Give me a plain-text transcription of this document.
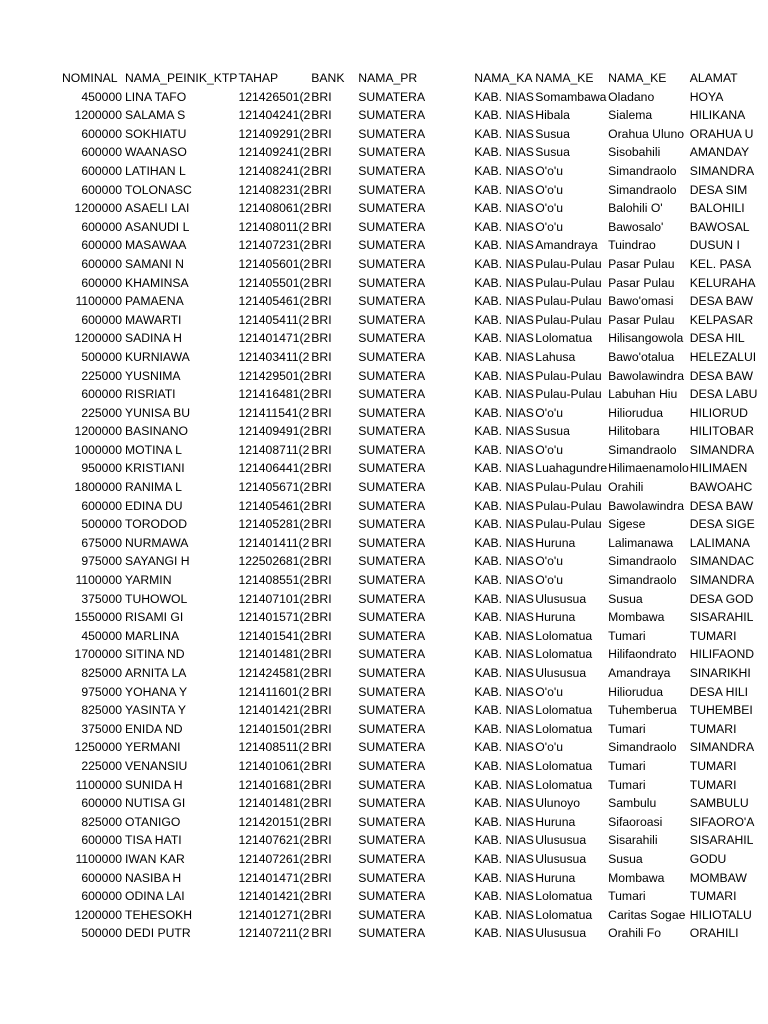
NOMINAL	NAMA_PEINIK_KTP	TAHAP	BANK	NAMA_PR	NAMA_KA	NAMA_KE	NAMA_KE	ALAMAT
450000	LINA TAFO	121426501(2	BRI	SUMATERA	KAB. NIAS	Somambawa	Oladano	HOYA
1200000	SALAMA S	121404241(2	BRI	SUMATERA	KAB. NIAS	Hibala	Sialema	HILIKANA
600000	SOKHIATU	121409291(2	BRI	SUMATERA	KAB. NIAS	Susua	Orahua Uluno	ORAHUA U
600000	WAANASO	121409241(2	BRI	SUMATERA	KAB. NIAS	Susua	Sisobahili	AMANDAY
600000	LATIHAN L	121408241(2	BRI	SUMATERA	KAB. NIAS	O'o'u	Simandraolo	SIMANDRA
600000	TOLONASC	121408231(2	BRI	SUMATERA	KAB. NIAS	O'o'u	Simandraolo	DESA SIM
1200000	ASAELI LAI	121408061(2	BRI	SUMATERA	KAB. NIAS	O'o'u	Balohili O'	BALOHILI
600000	ASANUDI L	121408011(2	BRI	SUMATERA	KAB. NIAS	O'o'u	Bawosalo'	BAWOSAL
600000	MASAWAA	121407231(2	BRI	SUMATERA	KAB. NIAS	Amandraya	Tuindrao	DUSUN I
600000	SAMANI N	121405601(2	BRI	SUMATERA	KAB. NIAS	Pulau-Pulau	Pasar Pulau	KEL. PASA
600000	KHAMINSA	121405501(2	BRI	SUMATERA	KAB. NIAS	Pulau-Pulau	Pasar Pulau	KELURAHA
1100000	PAMAENA	121405461(2	BRI	SUMATERA	KAB. NIAS	Pulau-Pulau	Bawo'omasi	DESA BAW
600000	MAWARTI	121405411(2	BRI	SUMATERA	KAB. NIAS	Pulau-Pulau	Pasar Pulau	KELPASAR
1200000	SADINA H	121401471(2	BRI	SUMATERA	KAB. NIAS	Lolomatua	Hilisangowola	DESA HIL
500000	KURNIAWA	121403411(2	BRI	SUMATERA	KAB. NIAS	Lahusa	Bawo'otalua	HELEZALUI
225000	YUSNIMA	121429501(2	BRI	SUMATERA	KAB. NIAS	Pulau-Pulau	Bawolawindra	DESA BAW
600000	RISRIATI	121416481(2	BRI	SUMATERA	KAB. NIAS	Pulau-Pulau	Labuhan Hiu	DESA LABU
225000	YUNISA BU	121411541(2	BRI	SUMATERA	KAB. NIAS	O'o'u	Hiliorudua	HILIORUD
1200000	BASINANO	121409491(2	BRI	SUMATERA	KAB. NIAS	Susua	Hilitobara	HILITOBAR
1000000	MOTINA L	121408711(2	BRI	SUMATERA	KAB. NIAS	O'o'u	Simandraolo	SIMANDRA
950000	KRISTIANI	121406441(2	BRI	SUMATERA	KAB. NIAS	Luahagundre	Hilimaenamolo	HILIMAEN
1800000	RANIMA L	121405671(2	BRI	SUMATERA	KAB. NIAS	Pulau-Pulau	Orahili	BAWOAHC
600000	EDINA DU	121405461(2	BRI	SUMATERA	KAB. NIAS	Pulau-Pulau	Bawolawindra	DESA BAW
500000	TORODOD	121405281(2	BRI	SUMATERA	KAB. NIAS	Pulau-Pulau	Sigese	DESA SIGE
675000	NURMAWA	121401411(2	BRI	SUMATERA	KAB. NIAS	Huruna	Lalimanawa	LALIMANA
975000	SAYANGI H	122502681(2	BRI	SUMATERA	KAB. NIAS	O'o'u	Simandraolo	SIMANDAC
1100000	YARMIN	121408551(2	BRI	SUMATERA	KAB. NIAS	O'o'u	Simandraolo	SIMANDRA
375000	TUHOWOL	121407101(2	BRI	SUMATERA	KAB. NIAS	Ulususua	Susua	DESA GOD
1550000	RISAMI GI	121401571(2	BRI	SUMATERA	KAB. NIAS	Huruna	Mombawa	SISARAHIL
450000	MARLINA	121401541(2	BRI	SUMATERA	KAB. NIAS	Lolomatua	Tumari	TUMARI
1700000	SITINA ND	121401481(2	BRI	SUMATERA	KAB. NIAS	Lolomatua	Hilifaondrato	HILIFAOND
825000	ARNITA LA	121424581(2	BRI	SUMATERA	KAB. NIAS	Ulususua	Amandraya	SINARIKHI
975000	YOHANA Y	121411601(2	BRI	SUMATERA	KAB. NIAS	O'o'u	Hiliorudua	DESA HILI
825000	YASINTA Y	121401421(2	BRI	SUMATERA	KAB. NIAS	Lolomatua	Tuhemberua	TUHEMBEI
375000	ENIDA ND	121401501(2	BRI	SUMATERA	KAB. NIAS	Lolomatua	Tumari	TUMARI
1250000	YERMANI	121408511(2	BRI	SUMATERA	KAB. NIAS	O'o'u	Simandraolo	SIMANDRA
225000	VENANSIU	121401061(2	BRI	SUMATERA	KAB. NIAS	Lolomatua	Tumari	TUMARI
1100000	SUNIDA H	121401681(2	BRI	SUMATERA	KAB. NIAS	Lolomatua	Tumari	TUMARI
600000	NUTISA GI	121401481(2	BRI	SUMATERA	KAB. NIAS	Ulunoyo	Sambulu	SAMBULU
825000	OTANIGO	121420151(2	BRI	SUMATERA	KAB. NIAS	Huruna	Sifaoroasi	SIFAORO'A
600000	TISA HATI	121407621(2	BRI	SUMATERA	KAB. NIAS	Ulususua	Sisarahili	SISARAHIL
1100000	IWAN KAR	121407261(2	BRI	SUMATERA	KAB. NIAS	Ulususua	Susua	GODU
600000	NASIBA H	121401471(2	BRI	SUMATERA	KAB. NIAS	Huruna	Mombawa	MOMBAW
600000	ODINA LAI	121401421(2	BRI	SUMATERA	KAB. NIAS	Lolomatua	Tumari	TUMARI
1200000	TEHESOKH	121401271(2	BRI	SUMATERA	KAB. NIAS	Lolomatua	Caritas Sogae	HILIOTALU
500000	DEDI PUTR	121407211(2	BRI	SUMATERA	KAB. NIAS	Ulususua	Orahili Fo	ORAHILI
